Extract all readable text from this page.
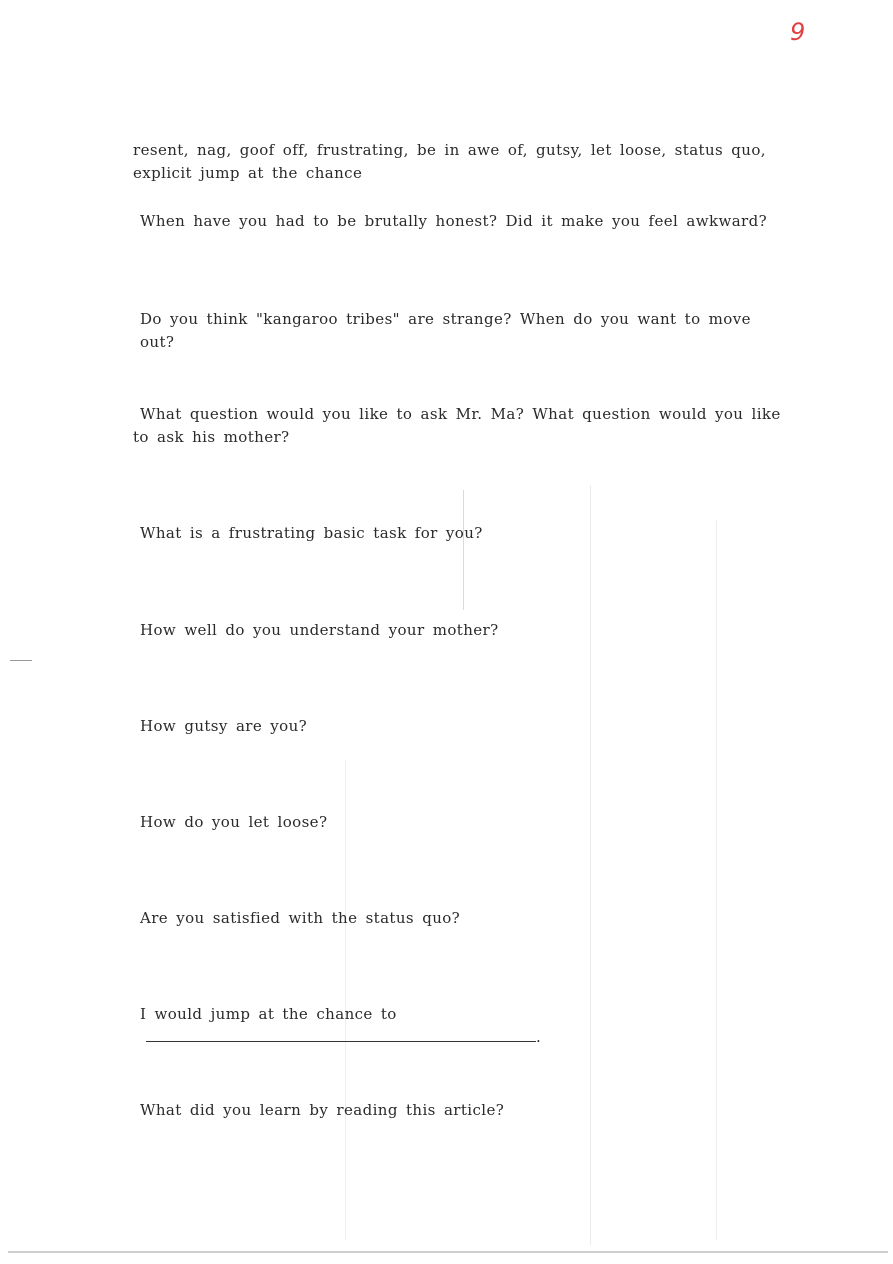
9
resent, nag, goof off, frustrating, be in awe of, gutsy, let loose, status quo, explicit jump at the chance
When have you had to be brutally honest? Did it make you feel awkward?
Do you think "kangaroo tribes" are strange? When do you want to move out?
What question would you like to ask Mr. Ma? What question would you like to ask his mother?
What is a frustrating basic task for you?
How well do you understand your mother?
How gutsy are you?
How do you let loose?
Are you satisfied with the status quo?
I would jump at the chance to.
What did you learn by reading this article?
